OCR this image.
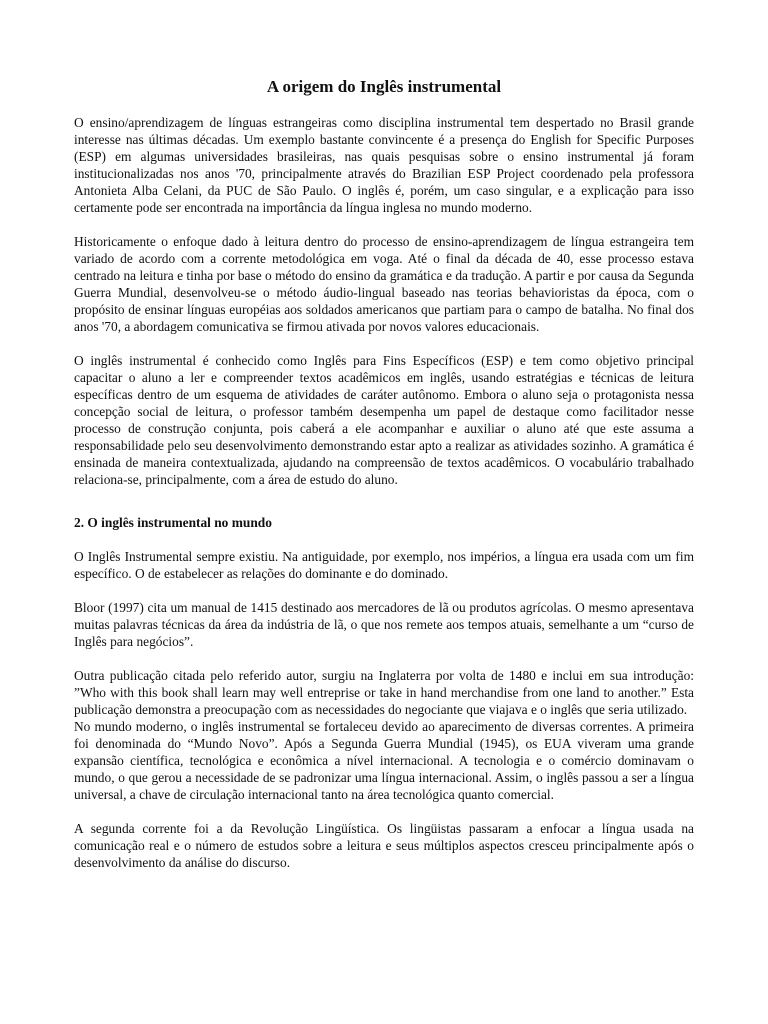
A origem do Inglês instrumental

O ensino/aprendizagem de línguas estrangeiras como disciplina instrumental tem despertado no Brasil grande interesse nas últimas décadas. Um exemplo bastante convincente é a presença do English for Specific Purposes (ESP) em algumas universidades brasileiras, nas quais pesquisas sobre o ensino instrumental já foram institucionalizadas nos anos '70, principalmente através do Brazilian ESP Project coordenado pela professora Antonieta Alba Celani, da PUC de São Paulo. O inglês é, porém, um caso singular, e a explicação para isso certamente pode ser encontrada na importância da língua inglesa no mundo moderno.

Historicamente o enfoque dado à leitura dentro do processo de ensino-aprendizagem de língua estrangeira tem variado de acordo com a corrente metodológica em voga. Até o final da década de 40, esse processo estava centrado na leitura e tinha por base o método do ensino da gramática e da tradução. A partir e por causa da Segunda Guerra Mundial, desenvolveu-se o método áudio-lingual baseado nas teorias behavioristas da época, com o propósito de ensinar línguas européias aos soldados americanos que partiam para o campo de batalha. No final dos anos '70, a abordagem comunicativa se firmou ativada por novos valores educacionais.

O inglês instrumental é conhecido como Inglês para Fins Específicos (ESP) e tem como objetivo principal capacitar o aluno a ler e compreender textos acadêmicos em inglês, usando estratégias e técnicas de leitura específicas dentro de um esquema de atividades de caráter autônomo. Embora o aluno seja o protagonista nessa concepção social de leitura, o professor também desempenha um papel de destaque como facilitador nesse processo de construção conjunta, pois caberá a ele acompanhar e auxiliar o aluno até que este assuma a responsabilidade pelo seu desenvolvimento demonstrando estar apto a realizar as atividades sozinho. A gramática é ensinada de maneira contextualizada, ajudando na compreensão de textos acadêmicos. O vocabulário trabalhado relaciona-se, principalmente, com a área de estudo do aluno.

2. O inglês instrumental no mundo

O Inglês Instrumental sempre existiu. Na antiguidade, por exemplo, nos impérios, a língua era usada com um fim específico. O de estabelecer as relações do dominante e do dominado.

Bloor (1997) cita um manual de 1415 destinado aos mercadores de lã ou produtos agrícolas. O mesmo apresentava muitas palavras técnicas da área da indústria de lã, o que nos remete aos tempos atuais, semelhante a um “curso de Inglês para negócios”.

Outra publicação citada pelo referido autor, surgiu na Inglaterra por volta de 1480 e inclui em sua introdução: ”Who with this book shall learn may well entreprise or take in hand merchandise from one land to another.” Esta publicação demonstra a preocupação com as necessidades do negociante que viajava e o inglês que seria utilizado.

No mundo moderno, o inglês instrumental se fortaleceu devido ao aparecimento de diversas correntes. A primeira foi denominada do “Mundo Novo”. Após a Segunda Guerra Mundial (1945), os EUA viveram uma grande expansão científica, tecnológica e econômica a nível internacional. A tecnologia e o comércio dominavam o mundo, o que gerou a necessidade de se padronizar uma língua internacional. Assim, o inglês passou a ser a língua universal, a chave de circulação internacional tanto na área tecnológica quanto comercial.

A segunda corrente foi a da Revolução Lingüística. Os lingüistas passaram a enfocar a língua usada na comunicação real e o número de estudos sobre a leitura e seus múltiplos aspectos cresceu principalmente após o desenvolvimento da análise do discurso.
